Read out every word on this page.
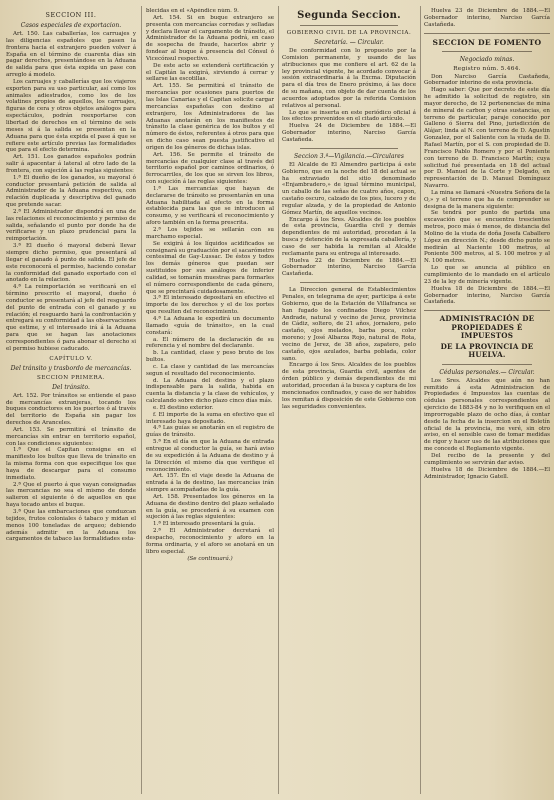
SECCION III.
Casos especiales de exportacion.

Art. 150. Las caballerías, los carruajes y las diligencias españoles que pasen la frontera hacia el extranjero pueden volver á España en el término de cuarenta días sin pagar derechos, presentándose en la Aduana de salida para que ésta expida un pase con arreglo á modelo.

Los carruajes y caballerías que los viajeros exporten para su uso particular, así como los animales adiestrados, como los de los volatines propios de aquellos, los carruajes, figuras de cera y otros objetos análogos para espectáculos, podrán reexportarse con libertad de derechos en el término de seis meses si á la salida se presentan en la Aduana para que ésta expida el pase á que se refiere este artículo previas las formalidades que para el efecto determina.

Art. 151. Los ganados españoles podrán salir á apacentar á lateral al otro lado de la frontera, con sujeción á las reglas siguientes:

1.ª El dueño de los ganados, su mayoral ó conductor presentará petición de salida al Administrador de la Aduana respectiva, con relación duplicada y descriptiva del ganado que pretende sacar.

2.ª El Administrador dispondrá en una de las relaciones el reconocimiento y permiso de salida, señalando el punto por donde ha de verificarse y un plazo prudencial para la reimportación.

3.ª El dueño ó mayoral deberá llevar siempre dicho permiso, que presentará al llegar el ganado á punto de salida. El jefe de este reconocerá el permiso, haciendo constar la conformidad del ganado exportado con el anotado en la relacion.

4.ª La reimportación se verificará en el término prescrito el mayoral, dueño ó conductor se presentará al jefe del resguardo del punto de entrada con el ganado y su relación; el resguardo hará la confrontación y entregará su conformidad á las observaciones que estime, y el interesado irá á la Aduana para que se hagan las anotaciones correspondientes ó para abonar el derecho si el permiso hubiese caducado.

CAPÍTULO V.
Del tránsito y trasbordo de mercancías.
SECCION PRIMERA.
Del tránsito.

Art. 152. Por tránsitos se entiende el paso de mercancías extranjeras, tocando los buques conductores en los puertos ó al través del territorio de España sin pagar los derechos de Aranceles.

Art. 153. Se permitirá el tránsito de mercancías sin entrar en territorio español, con las condiciones siguientes:

1.ª Que el Capitan consigne en el manifiesto los bultos que lleva de tránsito en la misma forma con que especifique los que haya de descargar para el consumo inmediato.

2.ª Que el puerto á que vayan consignadas las mercancías no sea el mismo de donde salieron el siguiente ó de aquellos en que haya tocado antes el buque.

3.ª Que las embarcaciones que conduzcan tejidos, frutos coloniales ó tabaco y midan el menos 100 toneladas de arqueo; debiendo además admitir en la Aduana los cargamentos de tabaco las formalidades esta-

blecidas en el «Apéndice núm. 9.

Art. 154. Si en buque extranjero se presenta con mercancías corredas y selladas y declara llevar el cargamento de tránsito, el Administrador de la Aduana podrá, en caso de sospecha de fraude, hacerlos abrir y fondear al buque á presencia del Cónsul ó Vicecónsul respectivo.

De este acto se extenderá certificación y el Capitán la exigirá, sirviendo á cerrar y sellarse las escotillas.

Art. 155. Se permitirá el tránsito de mercancías por ocasiones para puertos de las Islas Canarias y el Capitan solicite cargar mercancías españolas con destino al extranjero, los Administradores de las Aduanas anotarán en los manifiestos de tránsito la clase genérica de los bultos y el número de éstos, referentes á otros para que en dicho caso sean puesta justificativo el origen de los géneros de dichas islas.

Art. 156. Se permite el tránsito de mercancías de cualquier clase al través del territorio español por caminos ordinarios, ó ferrocarriles, de los que se sirven los libros, con sujeción á las reglas siguientes:

1.ª Las mercancías que hayan de declararse de tránsito se presentarán en una Aduana habilitada al efecto en la forma establecida para las que se introducen al consumo, y se verificará el reconocimiento y aforo también en la forma prescrita.

2.ª Los tejidos se sellarán con su marchamo especial.

Se exigirá á los líquidos acidificados se consignará su graduación por el sacarómetro centesimal de Gay-Lussac. De éstos y todos los demás géneros que puedan ser sustituidos por sus análogos de inferior calidad, se tomarán muestras para formarles el número correspondiente de cada género, que se precintará cuidadosamente.

3.ª El interesado depositará en efectivo el importe de los derechos y el de los portes que resulten del reconocimiento.

4.ª La Aduana le expedirá un documento llamado «guía de tránsito», en la cual constará:

a. El número de la declaración de su referencia y el nombre del declarante.

b. La cantidad, clase y peso bruto de los bultos.

c. La clase y cantidad de las mercancías segun el resultado del reconocimiento.

d. La Aduana del destino y el plazo indispensable para la salida, habida en cuenta la distancia y la clase de vehículos, y calculando sobre dicho plazo cinco días más.

e. El destino exterior.

f. El importe de la suma en efectivo que el interesado haya depositado.

4.ª Las guías se anotarán en el registro de guías de tránsito.

5.ª En el día en que la Aduana de entrada entregue al conductor la guía, se hará aviso de su expedición á la Aduana de destino y á la Dirección el mismo día que verifique el reconocimiento.

Art. 157. En el viaje desde la Aduana de entrada á la de destino, las mercancías irán siempre acompañadas de la guía.

Art. 158. Presentados los géneros en la Aduana de destino dentro del plazo señalado en la guía, se procederá á su examen con sujeción á las reglas siguientes:

1.ª El interesado presentará la guía.

2.ª El Administrador decretará el despacho, reconocimiento y aforo en la forma ordinaria, y el aforo se anotará en un libro especial.

(Se continuará.)

Segunda Seccion.
GOBIERNO CIVIL DE LA PROVINCIA.
Secretaría. — Circular.

De conformidad con lo propuesto por la Comision permanente, y usando de las atribuciones que me confiere el art. 62 de la ley provincial vigente, he acordado convocar á sesión extraordinaria á la Excma. Diputación para el día tres de Enero próximo, á las doce de su mañana, con objeto de dar cuenta de los acuerdos adoptados por la referida Comision relativos al personal.

Lo que se inserta en este periódico oficial á los efectos prevenidos en el citado artículo.

Huelva 24 de Diciembre de 1884.—El Gobernador interino, Narciso García Castañeda.

Seccion 3.ª—Vigilancia.—Circulares

El Alcalde de El Almendro participa á este Gobierno, que en la noche del 18 del actual se ha extraviado del sitio denominado «Enjambradero,» de igual término municipal, un caballo de las señas de cuatro años, capon, castaño oscuro, calzado de los pies, lucero y de regular alzada, y de la propiedad de Antonio Gómez Martín, de aquellos vecinos.

Encargo á los Sres. Alcaldes de los pueblos de esta provincia, Guardia civil y demás dependientes de mi autoridad, procedan á la busca y detención de la expresada caballería, y caso de ser habida la remitan al Alcalde reclamante para su entrega al interesado.

Huelva 22 de Diciembre de 1884.—El Gobernador interino, Narciso García Castañeda.

La Direccion general de Establecimientos Penales, en telegrama de ayer, participa á este Gobierno, que de la Estación de Villafranca se han fugado los confinados Diego Vilchez Andrade, natural y vecino de Jerez, provincia de Cádiz, soltero, de 21 años, jornalero, pelo castaño, ojos melados, barba poca, color moreno; y José Albarza Rojo, natural de Rota, vecino de Jerez, de 38 años, zapatero, pelo castaño, ojos azulados, barba poblada, color sano.

Encargo á los Sres. Alcaldes de los pueblos de esta provincia, Guardia civil, agentes de órden público y demás dependientes de mi autoridad, procedan á la busca y captura de los mencionados confinados, y caso de ser habidos los remitan á disposición de este Gobierno con las seguridades convenientes.

Huelva 23 de Diciembre de 1884.—El Gobernador interino, Narciso García Castañeda.

SECCION DE FOMENTO
Negociado minas.
Registro núm. 5.464.

Don Narciso García Castañeda, Gobernador interino de esta provincia.

Hago saber: Que por decreto de este día he admitido la solicitud de registro, sin mayor derecho, de 12 pertenencias de mina de mineral de carbon y otras sustancias, en terreno de particular, paraje conocido por Galleno ó Sierra del Pino, jurisdicción de Alájar; linda al N. con terreno de D. Agustin Gonzalez, por el Saliente con la viuda de D. Rafael Martín, por el S. con propiedad de D. Francisco Pablo Romero y por el Poniente con terreno de D. Francisco Martín; cuya solicitud fué presentada en 18 del actual por D. Manuel de la Corte y Delgado, en representación de D. Manuel Domínguez Navarro.

La mina se llamará «Nuestra Señora de la O,» y el terreno que ha de comprender se designa de la manera siguiente:

Se tendrá por punto de partida una excavación que se encuentra trescientos metros, poco más ó menos, de distancia del Molino de la viuda de doña Josefa Caballero López en dirección N.; desde dicho punto se medirán al Naciente 100 metros, al Poniente 500 metros, al S. 100 metros y al N. 100 metros.

Lo que se anuncia al público en cumplimiento de lo mandado en el artículo 23 de la ley de minería vigente.

Huelva 18 de Diciembre de 1884.—El Gobernador interino, Narciso García Castañeda.

ADMINISTRACIÓN DE PROPIEDADES É IMPUESTOS
DE LA PROVINCIA DE HUELVA.
Cédulas personales.— Circular.

Los Sres. Alcaldes que aún no han remitido á esta Administracion de Propiedades é Impuestos las cuentas de cédulas personales correspondientes al ejercicio de 1883-84 y no lo verifiquen en el improrrogable plazo de ocho días, á contar desde la fecha de la insercion en el Boletín oficial de la provincia, me veré, sin otro aviso, en el sensible caso de tomar medidas de rigor y hacer uso de las atribuciones que me concede el Reglamento vigente.

Del recibo de la presente y del cumplimiento se servirán dar aviso.

Huelva 18 de Diciembre de 1884.—El Administrador, Ignacio Gatell.
